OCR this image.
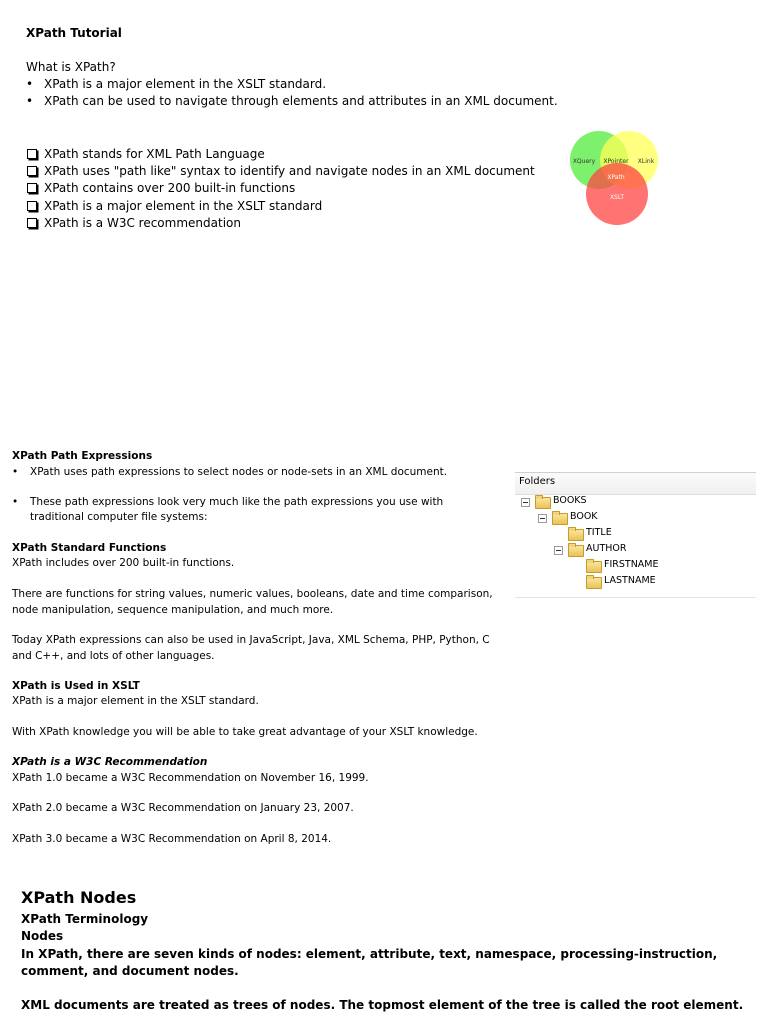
XPath Tutorial
What is XPath?
• XPath is a major element in the XSLT standard.
• XPath can be used to navigate through elements and attributes in an XML document.
XPath stands for XML Path Language
XPath uses "path like" syntax to identify and navigate nodes in an XML document
XPath contains over 200 built-in functions
XPath is a major element in the XSLT standard
XPath is a W3C recommendation
XQuery XPointer XLink
XPath
XSLT
XPath Path Expressions
• XPath uses path expressions to select nodes or node-sets in an XML document.
• These path expressions look very much like the path expressions you use with traditional computer file systems:
Folders
BOOKS
BOOK
TITLE
AUTHOR
FIRSTNAME
LASTNAME
XPath Standard Functions
XPath includes over 200 built-in functions.
There are functions for string values, numeric values, booleans, date and time comparison, node manipulation, sequence manipulation, and much more.
Today XPath expressions can also be used in JavaScript, Java, XML Schema, PHP, Python, C and C++, and lots of other languages.
XPath is Used in XSLT
XPath is a major element in the XSLT standard.
With XPath knowledge you will be able to take great advantage of your XSLT knowledge.
XPath is a W3C Recommendation
XPath 1.0 became a W3C Recommendation on November 16, 1999.
XPath 2.0 became a W3C Recommendation on January 23, 2007.
XPath 3.0 became a W3C Recommendation on April 8, 2014.
XPath Nodes
XPath Terminology
Nodes
In XPath, there are seven kinds of nodes: element, attribute, text, namespace, processing-instruction, comment, and document nodes.
XML documents are treated as trees of nodes. The topmost element of the tree is called the root element.
